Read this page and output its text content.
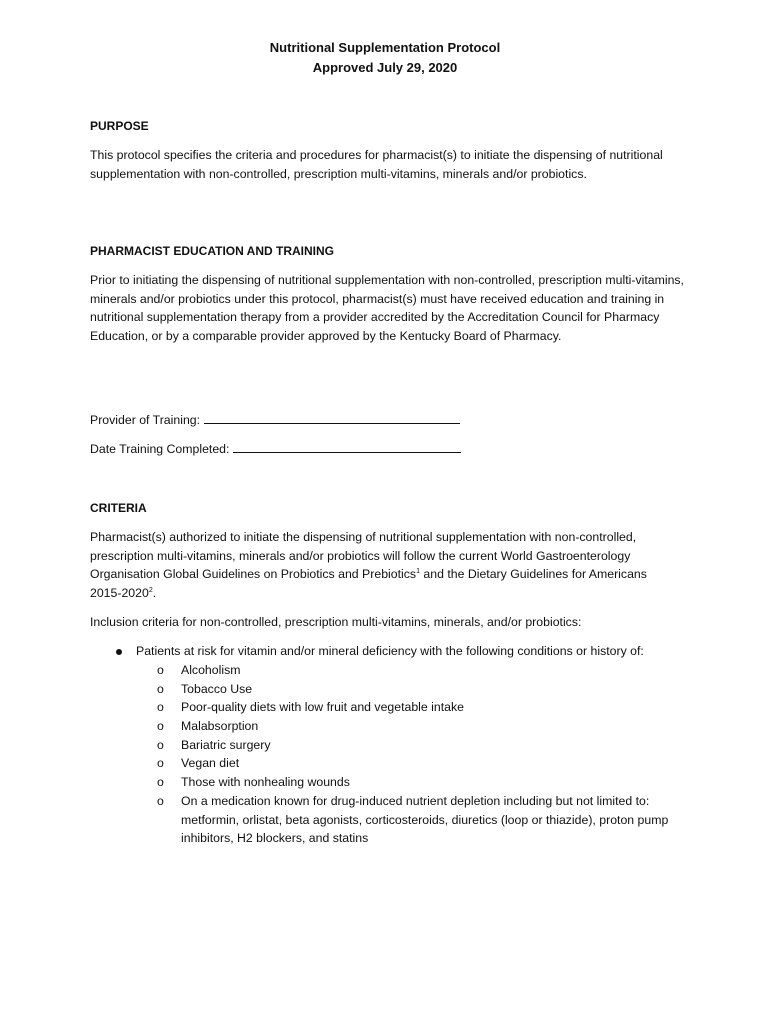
Nutritional Supplementation Protocol
Approved July 29, 2020
PURPOSE
This protocol specifies the criteria and procedures for pharmacist(s) to initiate the dispensing of nutritional supplementation with non-controlled, prescription multi-vitamins, minerals and/or probiotics.
PHARMACIST EDUCATION AND TRAINING
Prior to initiating the dispensing of nutritional supplementation with non-controlled, prescription multi-vitamins, minerals and/or probiotics under this protocol, pharmacist(s) must have received education and training in nutritional supplementation therapy from a provider accredited by the Accreditation Council for Pharmacy Education, or by a comparable provider approved by the Kentucky Board of Pharmacy.
Provider of Training:
Date Training Completed:
CRITERIA
Pharmacist(s) authorized to initiate the dispensing of nutritional supplementation with non-controlled, prescription multi-vitamins, minerals and/or probiotics will follow the current World Gastroenterology Organisation Global Guidelines on Probiotics and Prebiotics$^1$ and the Dietary Guidelines for Americans 2015-2020$^2$.
Inclusion criteria for non-controlled, prescription multi-vitamins, minerals, and/or probiotics:
Patients at risk for vitamin and/or mineral deficiency with the following conditions or history of:
o Alcoholism
o Tobacco Use
o Poor-quality diets with low fruit and vegetable intake
o Malabsorption
o Bariatric surgery
o Vegan diet
o Those with nonhealing wounds
o On a medication known for drug-induced nutrient depletion including but not limited to: metformin, orlistat, beta agonists, corticosteroids, diuretics (loop or thiazide), proton pump inhibitors, H2 blockers, and statins
